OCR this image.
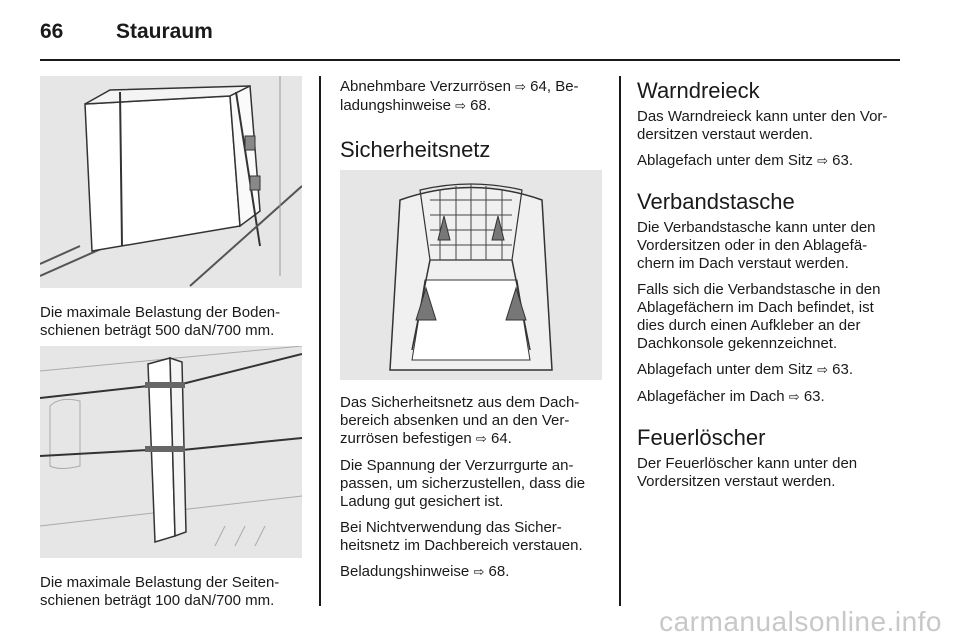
66	Stauraum
Die maximale Belastung der Boden-
schienen beträgt 500 daN/700 mm.
Die maximale Belastung der Seiten-
schienen beträgt 100 daN/700 mm.
Abnehmbare Verzurrösen ⇨ 64, Be-
ladungshinweise ⇨ 68.
Sicherheitsnetz

Das Sicherheitsnetz aus dem Dach-
bereich absenken und an den Ver-
zurrösen befestigen ⇨ 64.

Die Spannung der Verzurrgurte an-
passen, um sicherzustellen, dass die
Ladung gut gesichert ist.

Bei Nichtverwendung das Sicher-
heitsnetz im Dachbereich verstauen.

Beladungshinweise ⇨ 68.

Warndreieck

Das Warndreieck kann unter den Vor-
dersitzen verstaut werden.

Ablagefach unter dem Sitz ⇨ 63.

Verbandstasche

Die Verbandstasche kann unter den
Vordersitzen oder in den Ablagefä-
chern im Dach verstaut werden.

Falls sich die Verbandstasche in den
Ablagefächern im Dach befindet, ist
dies durch einen Aufkleber an der
Dachkonsole gekennzeichnet.

Ablagefach unter dem Sitz ⇨ 63.

Ablagefächer im Dach ⇨ 63.

Feuerlöscher

Der Feuerlöscher kann unter den
Vordersitzen verstaut werden.

carmanualsonline.info
